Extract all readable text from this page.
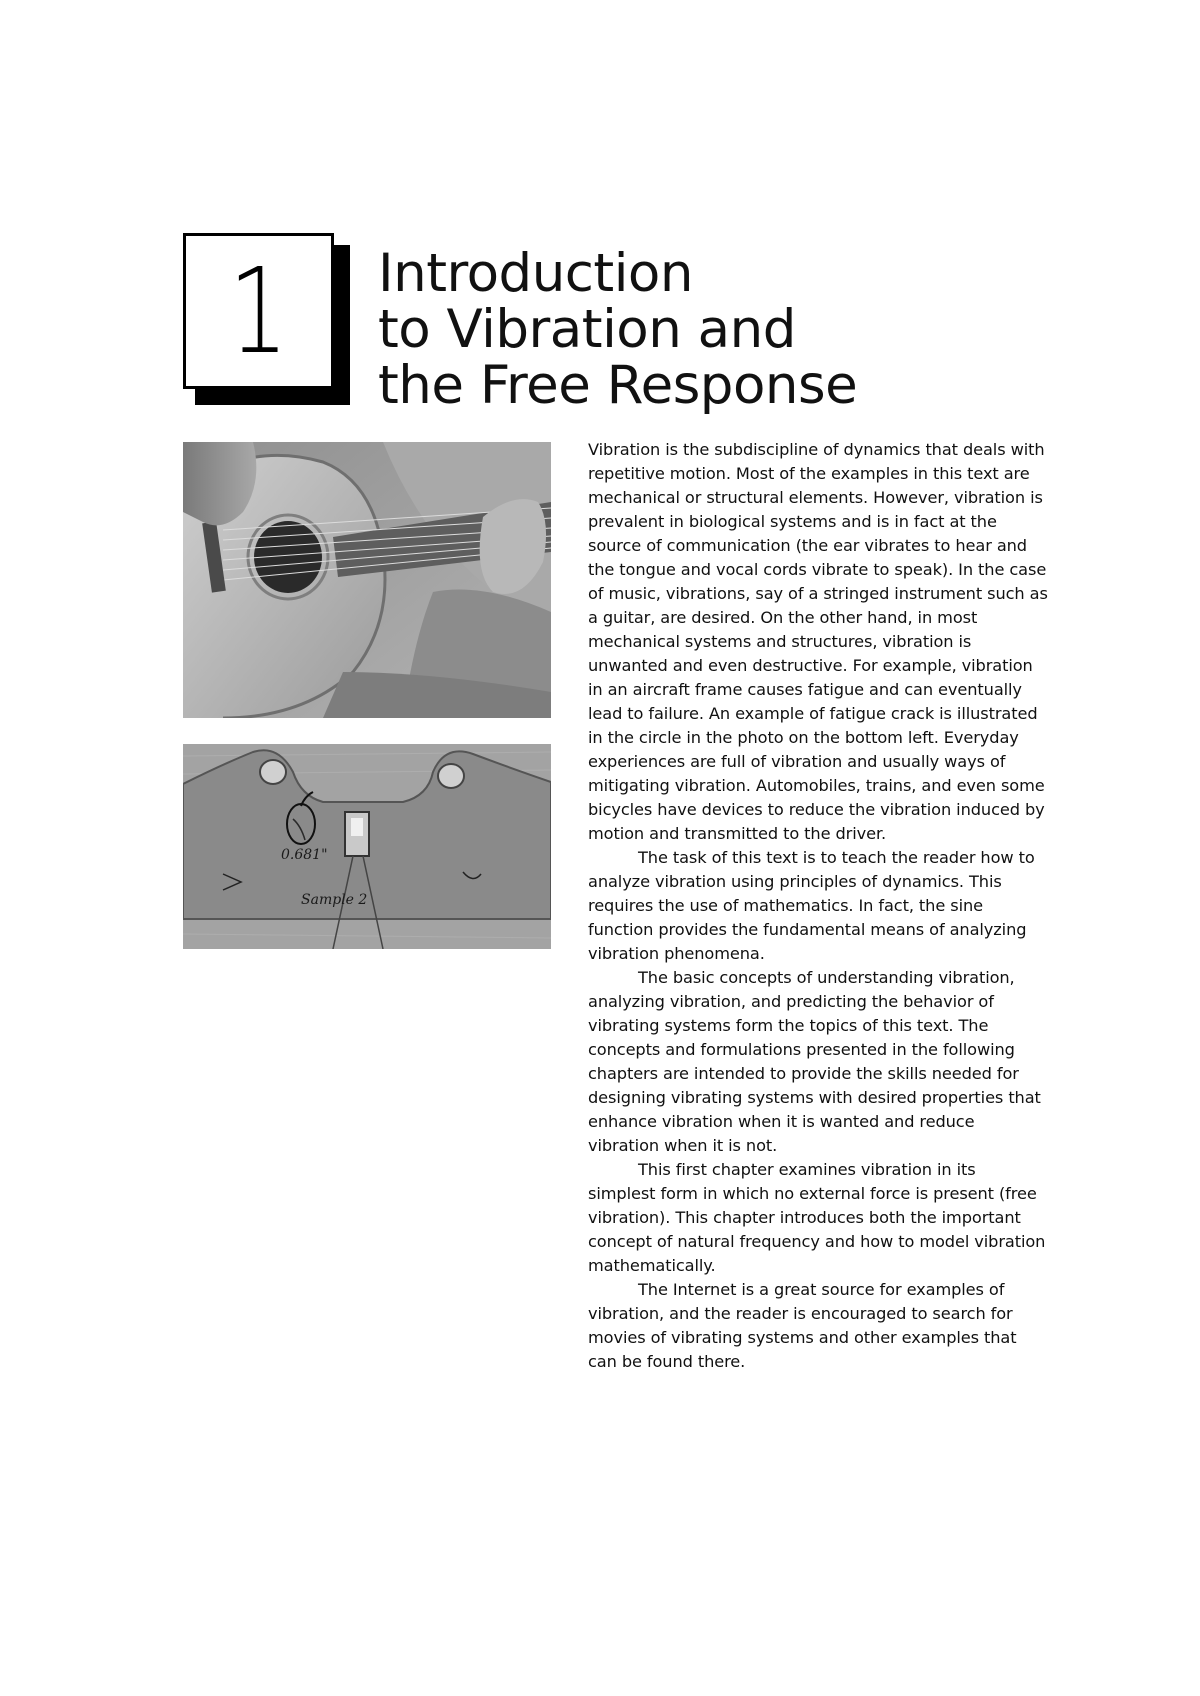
1 Introduction
to Vibration and
the Free Response
0.681"
Sample 2

Vibration is the subdiscipline of dynamics that deals with repetitive motion. Most of the examples in this text are mechanical or structural elements. However, vibration is prevalent in biological systems and is in fact at the source of communication (the ear vibrates to hear and the tongue and vocal cords vibrate to speak). In the case of music, vibrations, say of a stringed instrument such as a guitar, are desired. On the other hand, in most mechanical systems and structures, vibration is unwanted and even destructive. For example, vibration in an aircraft frame causes fatigue and can eventually lead to failure. An example of fatigue crack is illustrated in the circle in the photo on the bottom left. Everyday experiences are full of vibration and usually ways of mitigating vibration. Automobiles, trains, and even some bicycles have devices to reduce the vibration induced by motion and transmitted to the driver.

The task of this text is to teach the reader how to analyze vibration using principles of dynamics. This requires the use of mathematics. In fact, the sine function provides the fundamental means of analyzing vibration phenomena.

The basic concepts of understanding vibration, analyzing vibration, and predicting the behavior of vibrating systems form the topics of this text. The concepts and formulations presented in the following chapters are intended to provide the skills needed for designing vibrating systems with desired properties that enhance vibration when it is wanted and reduce vibration when it is not.

This first chapter examines vibration in its simplest form in which no external force is present (free vibration). This chapter introduces both the important concept of natural frequency and how to model vibration mathematically.

The Internet is a great source for examples of vibration, and the reader is encouraged to search for movies of vibrating systems and other examples that can be found there.
